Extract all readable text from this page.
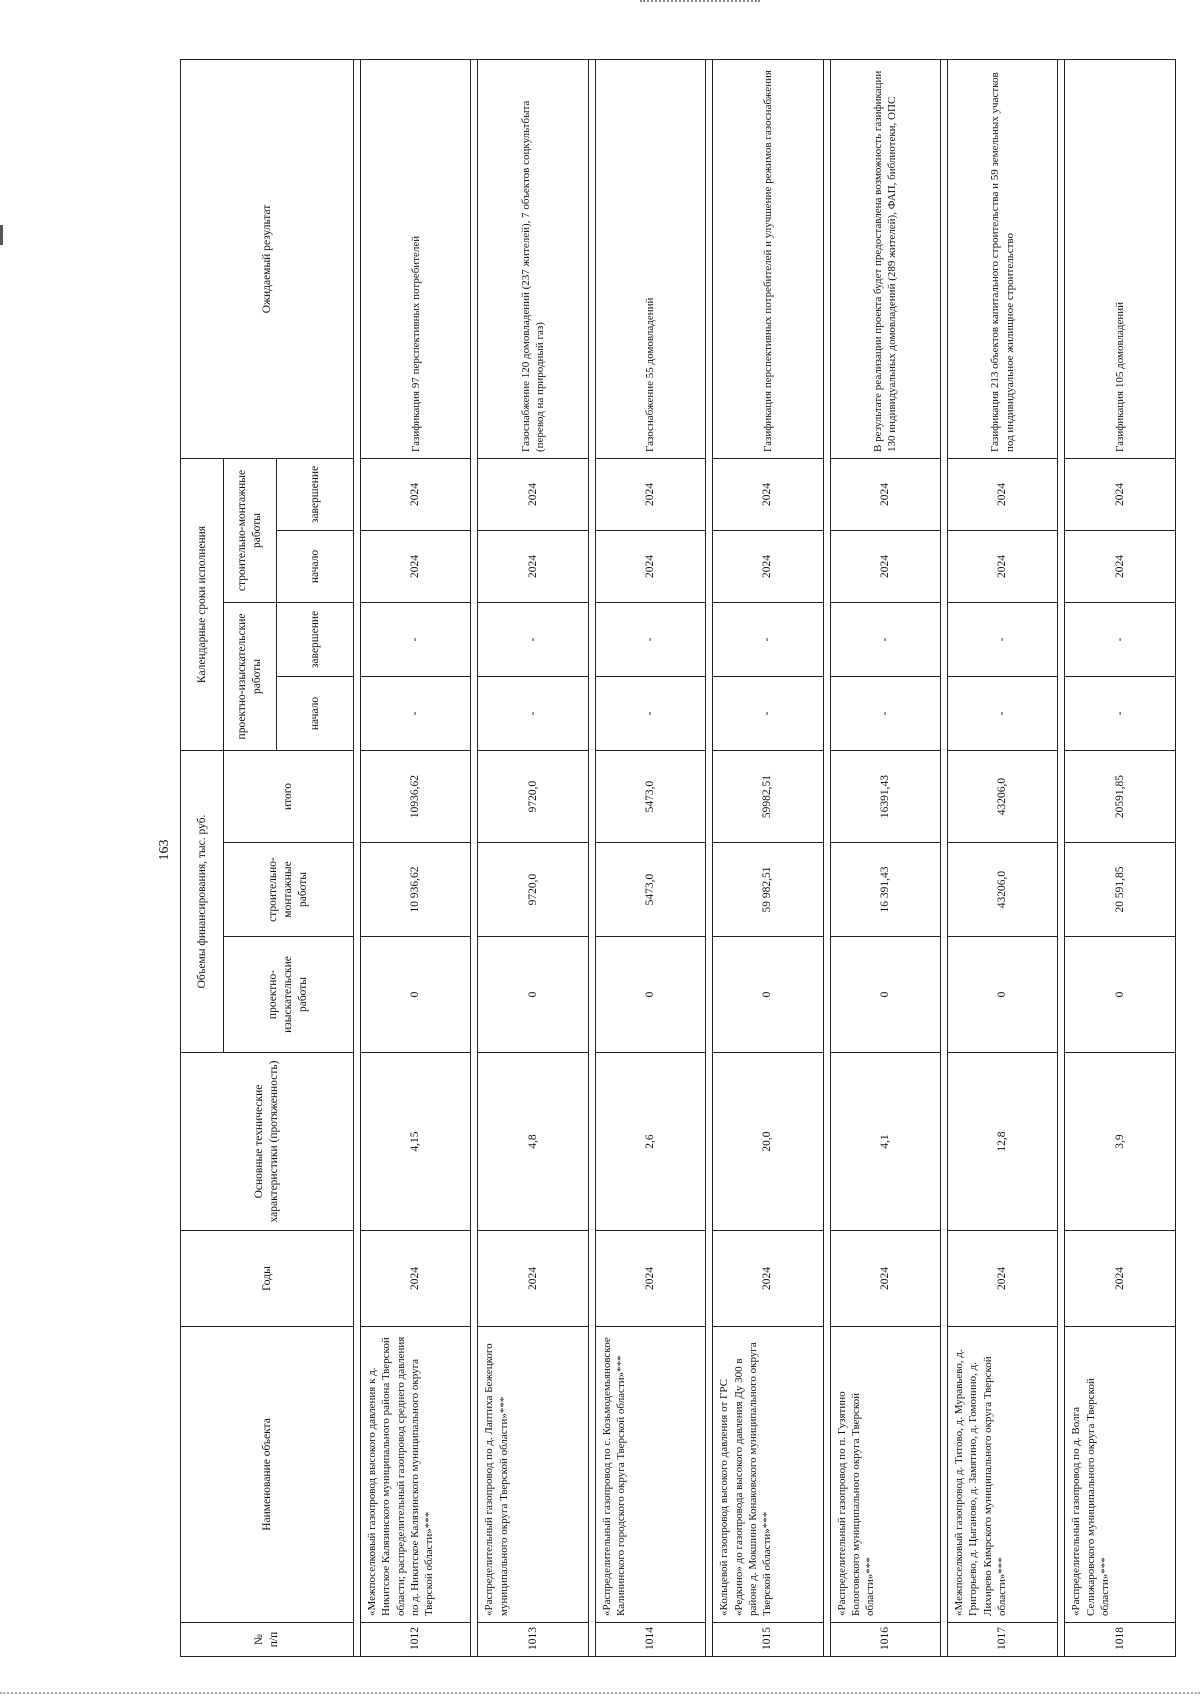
163
№ п/п	Наименование объекта	Годы	Основные технические характеристики (протяженность)	Объемы финансирования, тыс. руб.			Календарные сроки исполнения				Ожидаемый результат
				проектно-изыскательские работы	строительно-монтажные работы	итого	проектно-изыскательские работы		строительно-монтажные работы		
							начало	завершение	начало	завершение	

1012	«Межпоселковый газопровод высокого давления к д. Никитское Калязинского муниципального района Тверской области; распределительный газопровод среднего давления по д. Никитское Калязинского муниципального округа Тверской области»***	2024	4,15	0	10 936,62	10936,62	-	-	2024	2024	Газификация 97 перспективных потребителей

1013	«Распределительный газопровод по д. Лаптиха Бежецкого муниципального округа Тверской области»***	2024	4,8	0	9720,0	9720,0	-	-	2024	2024	Газоснабжение 120 домовладений (237 жителей), 7 объектов соцкультбыта (перевод на природный газ)

1014	«Распределительный газопровод по с. Козьмодемьяновское Калининского городского округа Тверской области»***	2024	2,6	0	5473,0	5473,0	-	-	2024	2024	Газоснабжение 55 домовладений

1015	«Кольцевой газопровод высокого давления от ГРС «Редкино» до газопровода высокого давления Ду 300 в районе д. Мокшино Конаковского муниципального округа Тверской области»***	2024	20,0	0	59 982,51	59982,51	-	-	2024	2024	Газификация перспективных потребителей и улучшение режимов газоснабжения

1016	«Распределительный газопровод по п. Гузятино Бологовского муниципального округа Тверской области»***	2024	4,1	0	16 391,43	16391,43	-	-	2024	2024	В результате реализации проекта будет предоставлена возможность газификации 130 индивидуальных домовладений (289 жителей), ФАП, библиотеки, ОПС

1017	«Межпоселковый газопровод д. Титово, д. Муравьево, д. Григорьево, д. Цыганово, д. Замятино, д. Гомонино, д. Лихирево Кимрского муниципального округа Тверской области»***	2024	12,8	0	43206,0	43206,0	-	-	2024	2024	Газификация 213 объектов капитального строительства и 59 земельных участков под индивидуальное жилищное строительство

1018	«Распределительный газопровод по д. Волга Селижаровского муниципального округа Тверской области»***	2024	3,9	0	20 591,85	20591,85	-	-	2024	2024	Газификация 105 домовладений
